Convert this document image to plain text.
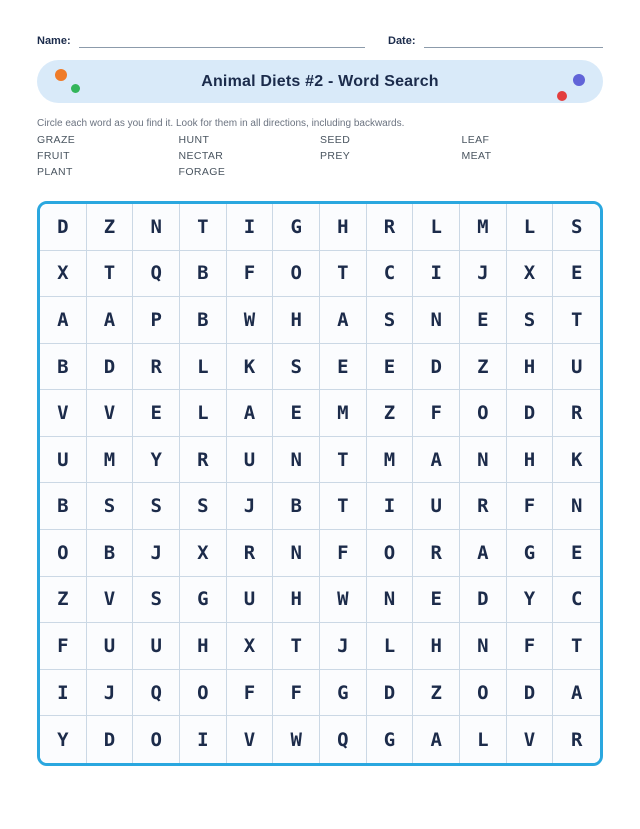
Name:	Date:
Animal Diets #2 - Word Search

Circle each word as you find it. Look for them in all directions, including backwards.

GRAZE	HUNT	SEED	LEAF
FRUIT	NECTAR	PREY	MEAT
PLANT	FORAGE
D	Z	N	T	I	G	H	R	L	M	L	S
X	T	Q	B	F	O	T	C	I	J	X	E
A	A	P	B	W	H	A	S	N	E	S	T
B	D	R	L	K	S	E	E	D	Z	H	U
V	V	E	L	A	E	M	Z	F	O	D	R
U	M	Y	R	U	N	T	M	A	N	H	K
B	S	S	S	J	B	T	I	U	R	F	N
O	B	J	X	R	N	F	O	R	A	G	E
Z	V	S	G	U	H	W	N	E	D	Y	C
F	U	U	H	X	T	J	L	H	N	F	T
I	J	Q	O	F	F	G	D	Z	O	D	A
Y	D	O	I	V	W	Q	G	A	L	V	R
